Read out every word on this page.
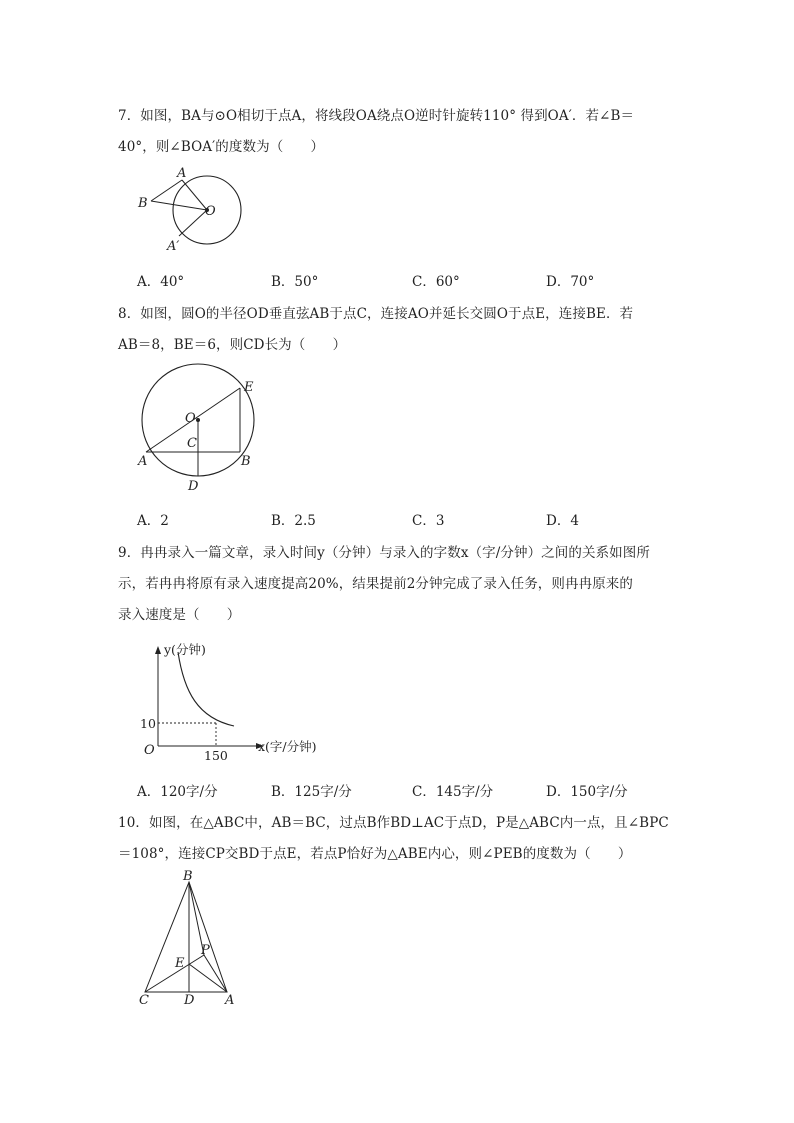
7．如图，BA与⊙O相切于点A，将线段OA绕点O逆时针旋转110° 得到OA′．若∠B＝
40°，则∠BOA′的度数为（　　）
A
B
O
A′
A．40°	B．50°	C．60°	D．70°
8．如图，圆O的半径OD垂直弦AB于点C，连接AO并延长交圆O于点E，连接BE．若
AB＝8，BE＝6，则CD长为（　　）
A	B
C
D
E
O
A．2	B．2.5	C．3	D．4
9．冉冉录入一篇文章，录入时间y（分钟）与录入的字数x（字/分钟）之间的关系如图所
示，若冉冉将原有录入速度提高20%，结果提前2分钟完成了录入任务，则冉冉原来的
录入速度是（　　）
y(分钟)
10
O	150
x(字/分钟)
A．120字/分	B．125字/分	C．145字/分	D．150字/分
10．如图，在△ABC中，AB＝BC，过点B作BD⊥AC于点D，P是△ABC内一点，且∠BPC
＝108°，连接CP交BD于点E，若点P恰好为△ABE内心，则∠PEB的度数为（　　）
B
P
E
C	D A
